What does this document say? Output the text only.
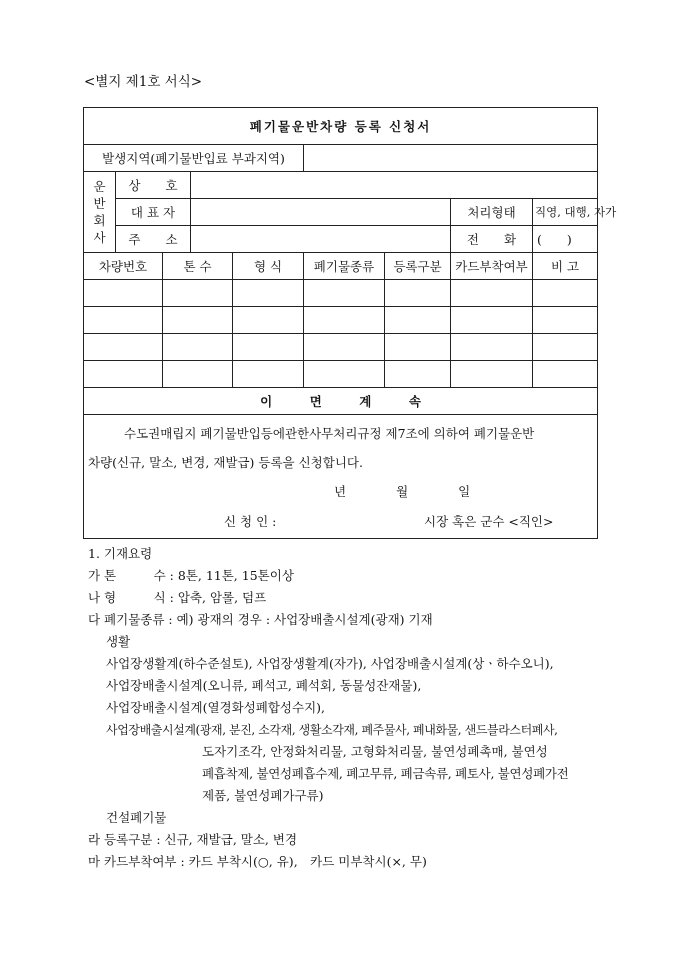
<별지 제1호 서식>
폐기물운반차량 등록 신청서								
발생지역(폐기물반입료 부과지역)								

운반회사	상　　호							
	대 표 자						처리형태	직영, 대행, 자가
	주　　소						전　　화	(　　)
차량번호		톤 수		형 식	폐기물종류	등록구분	카드부착여부	비 고

이　　　면　　　계　　　속								

수도권매립지 폐기물반입등에관한사무처리규정 제7조에 의하여 폐기물운반
차량(신규, 말소, 변경, 재발급) 등록을 신청합니다.
년　　　　월　　　　일
신 청 인 : 시장 혹은 군수 <직인>								
1. 기재요령
가 톤　　　수 : 8톤, 11톤, 15톤이상
나 형　　　식 : 압축, 암롤, 덤프
다 폐기물종류 : 예) 광재의 경우 : 사업장배출시설계(광재) 기재
생활
사업장생활계(하수준설토), 사업장생활계(자가), 사업장배출시설계(상ㆍ하수오니),
사업장배출시설계(오니류, 폐석고, 폐석회, 동물성잔재물),
사업장배출시설계(열경화성폐합성수지),
사업장배출시설계(광재, 분진, 소각재, 생활소각재, 폐주물사, 폐내화물, 샌드블라스터폐사,
도자기조각, 안정화처리물, 고형화처리물, 불연성폐촉매, 불연성
폐흡착제, 불연성폐흡수제, 폐고무류, 폐금속류, 폐토사, 불연성폐가전
제품, 불연성폐가구류)
건설폐기물
라 등록구분 : 신규, 재발급, 말소, 변경
마 카드부착여부 : 카드 부착시(○, 유),　카드 미부착시(×, 무)
